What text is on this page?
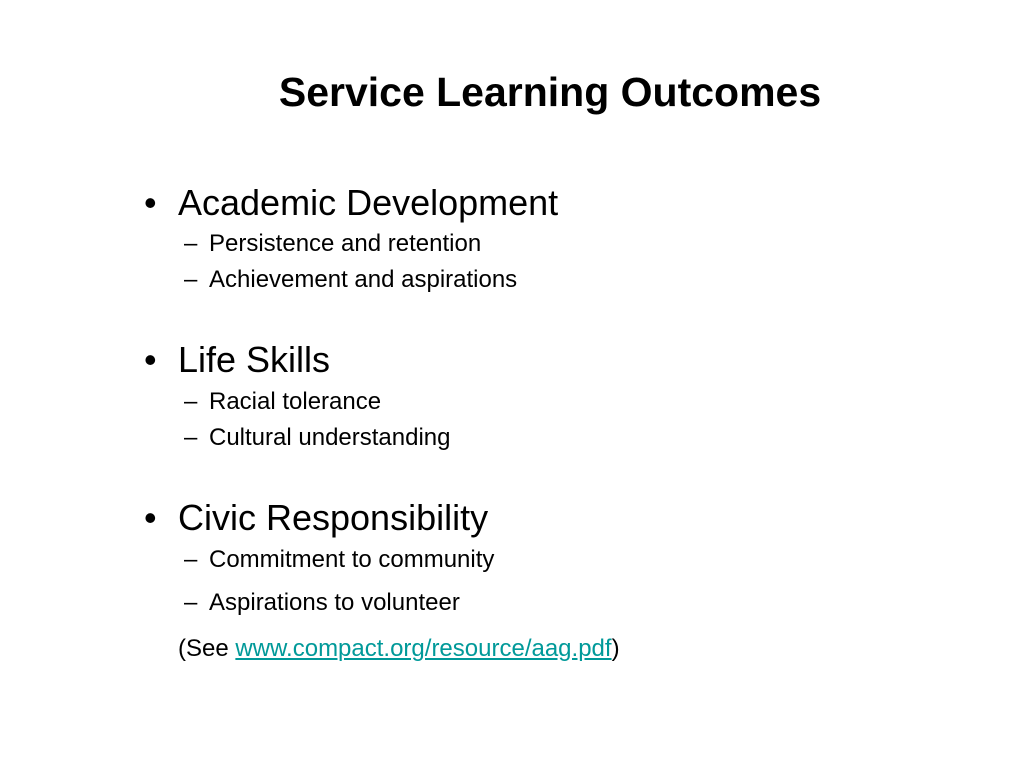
Service Learning Outcomes
• Academic Development
– Persistence and retention
– Achievement and aspirations
• Life Skills
– Racial tolerance
– Cultural understanding
• Civic Responsibility
– Commitment to community
– Aspirations to volunteer
(See www.compact.org/resource/aag.pdf)
